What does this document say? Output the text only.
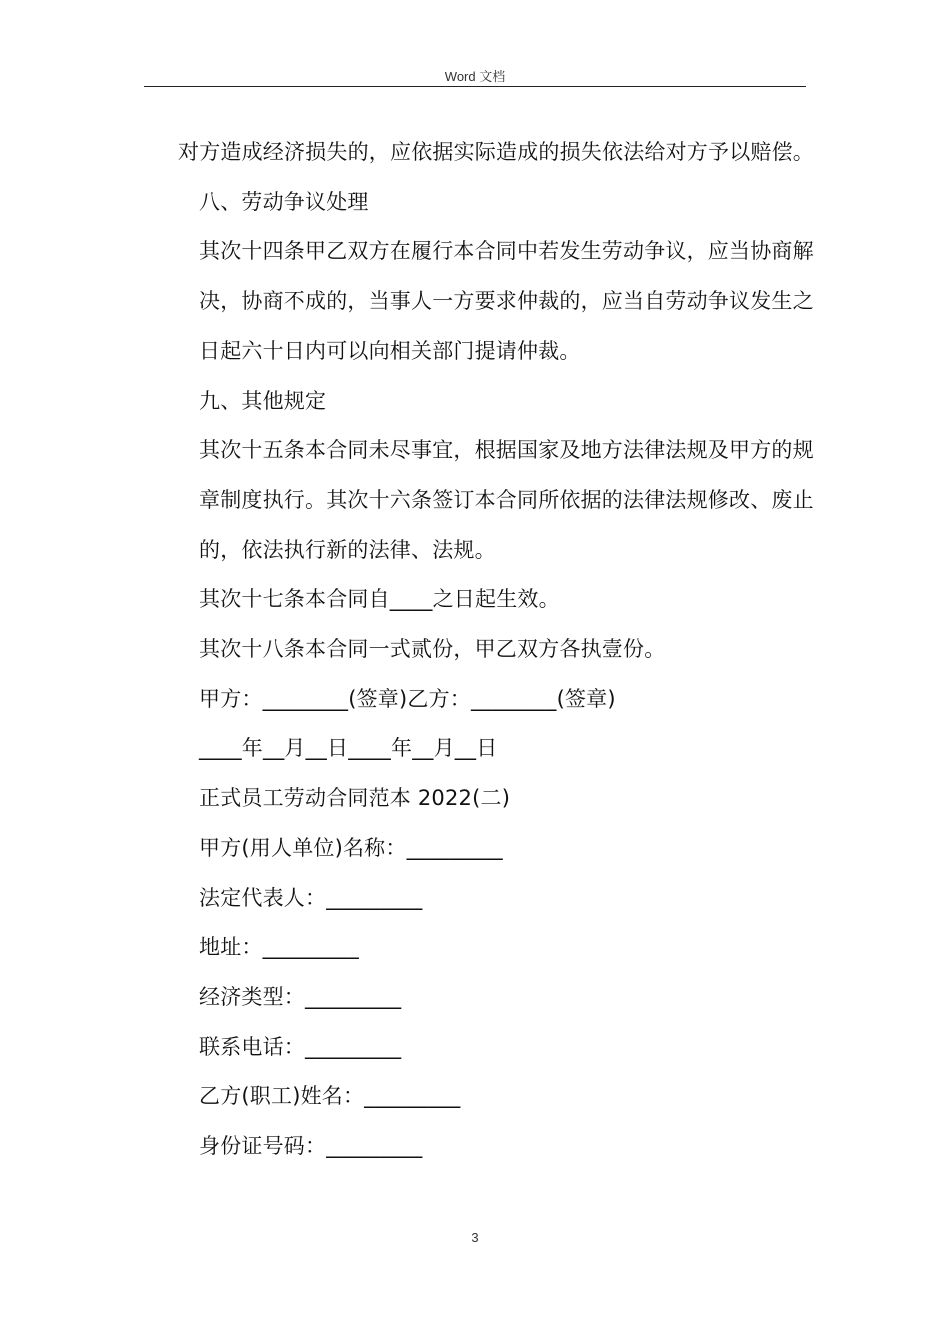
Word 文档

对方造成经济损失的，应依据实际造成的损失依法给对方予以赔偿。

八、劳动争议处理

其次十四条甲乙双方在履行本合同中若发生劳动争议，应当协商解决，协商不成的，当事人一方要求仲裁的，应当自劳动争议发生之日起六十日内可以向相关部门提请仲裁。

九、其他规定

其次十五条本合同未尽事宜，根据国家及地方法律法规及甲方的规章制度执行。其次十六条签订本合同所依据的法律法规修改、废止的，依法执行新的法律、法规。

其次十七条本合同自____之日起生效。

其次十八条本合同一式贰份，甲乙双方各执壹份。

甲方：________(签章)乙方：________(签章)

____年__月__日____年__月__日

正式员工劳动合同范本 2022(二)

甲方(用人单位)名称：_________

法定代表人：_________

地址：_________

经济类型：_________

联系电话：_________

乙方(职工)姓名：_________

身份证号码：_________

3
